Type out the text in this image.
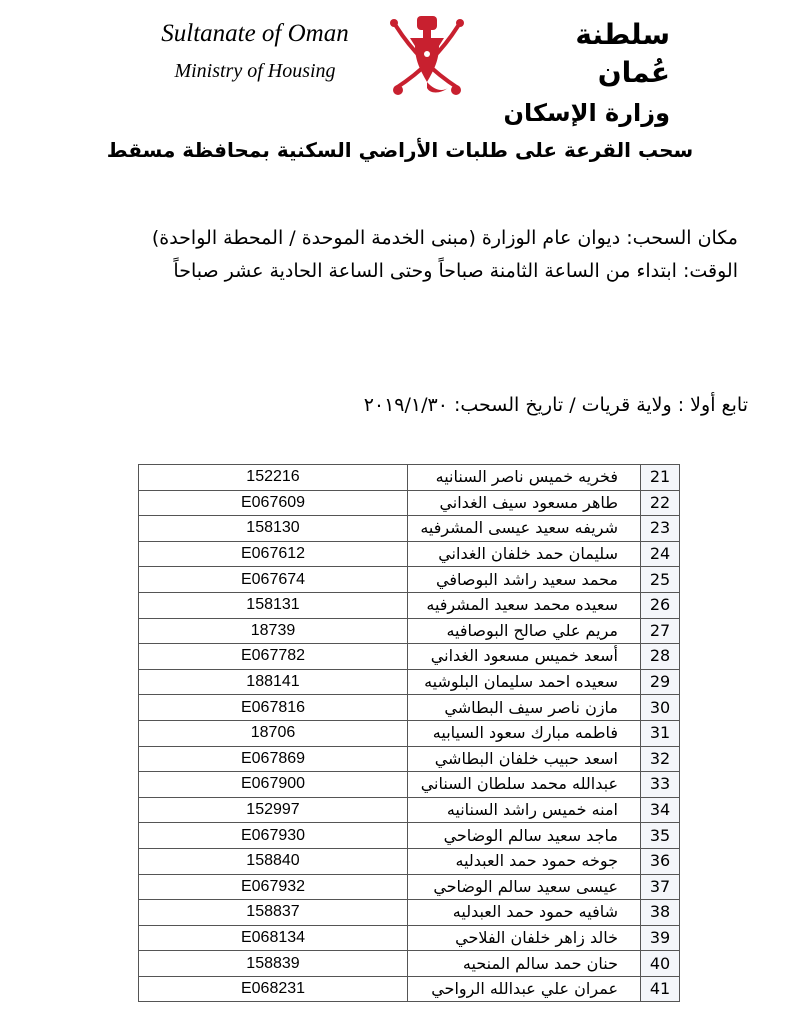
Sultanate of Oman
Ministry of Housing
سلطنة عُمان
وزارة الإسكان
سحب القرعة على طلبات الأراضي السكنية بمحافظة مسقط
مكان السحب: ديوان عام الوزارة (مبنى الخدمة الموحدة / المحطة الواحدة)
الوقت: ابتداء من الساعة الثامنة صباحاً وحتى الساعة الحادية عشر صباحاً
تابع أولا : ولاية قريات / تاريخ السحب: ٢٠١٩/١/٣٠
21	فخريه خميس ناصر السنانيه	152216
22	طاهر مسعود سيف الغداني	E067609
23	شريفه سعيد عيسى المشرفيه	158130
24	سليمان حمد خلفان الغداني	E067612
25	محمد سعيد راشد البوصافي	E067674
26	سعيده محمد سعيد المشرفيه	158131
27	مريم علي صالح البوصافيه	18739
28	أسعد خميس مسعود الغداني	E067782
29	سعيده احمد سليمان البلوشيه	188141
30	مازن ناصر سيف البطاشي	E067816
31	فاطمه مبارك سعود السيابيه	18706
32	اسعد حبيب خلفان البطاشي	E067869
33	عبدالله محمد سلطان السناني	E067900
34	امنه خميس راشد السنانيه	152997
35	ماجد سعيد سالم الوضاحي	E067930
36	جوخه حمود حمد العبدليه	158840
37	عيسى سعيد سالم الوضاحي	E067932
38	شافيه حمود حمد العبدليه	158837
39	خالد زاهر خلفان الفلاحي	E068134
40	حنان حمد سالم المنحيه	158839
41	عمران علي عبدالله الرواحي	E068231
